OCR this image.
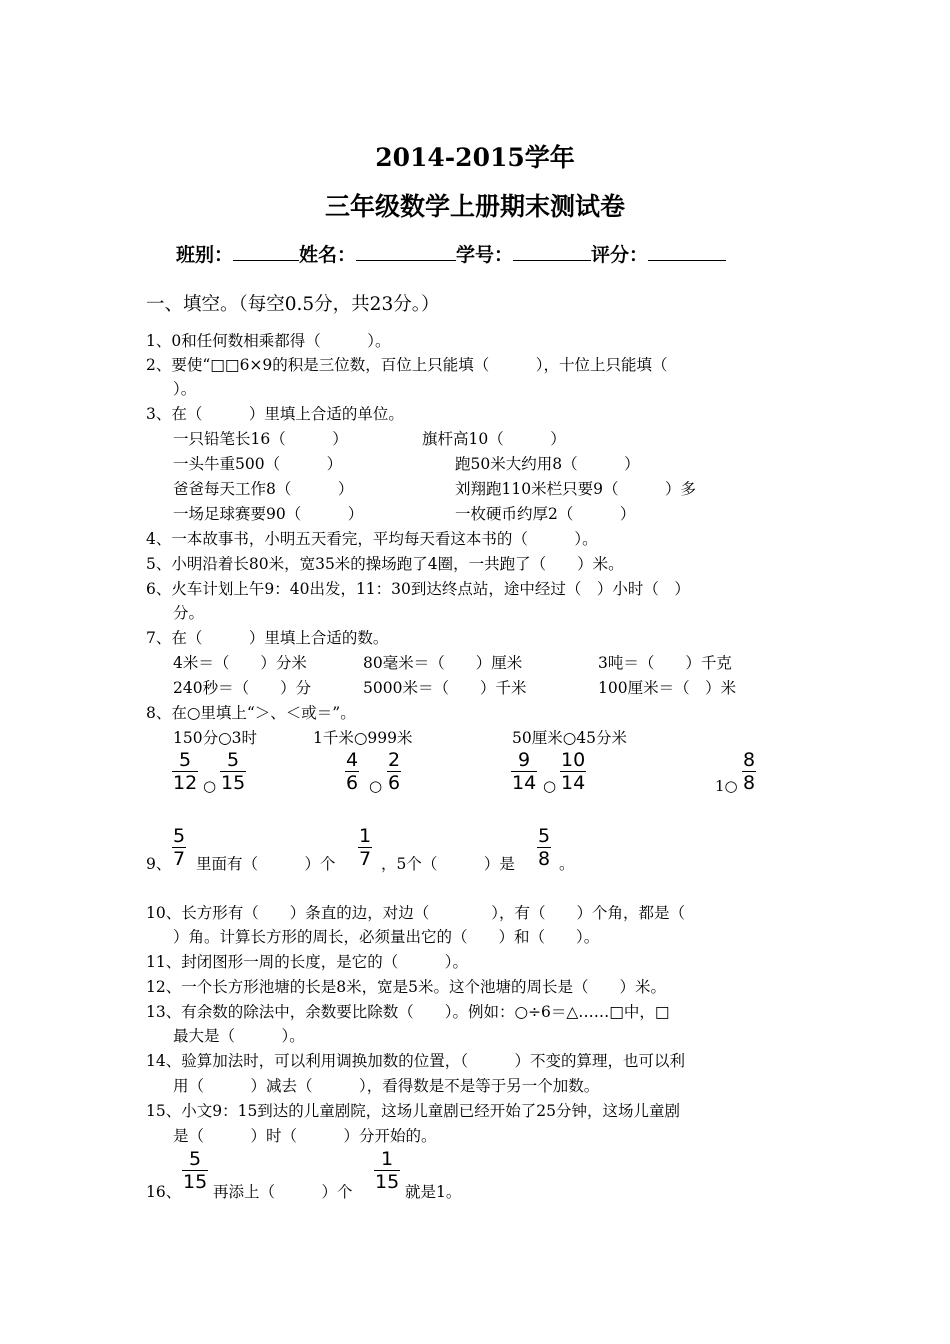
2014-2015学年
三年级数学上册期末测试卷
班别：	姓名：	学号：	评分：
一、填空。（每空0.5分，共23分。）
1、0和任何数相乘都得（　　　）。
2、要使“□□6×9的积是三位数，百位上只能填（　　　），十位上只能填（
）。
3、在（　　　）里填上合适的单位。
一只铅笔长16（　　　）	旗杆高10（　　　）
一头牛重500（　　　）	跑50米大约用8（　　　）
爸爸每天工作8（　　　）	刘翔跑110米栏只要9（　　　）多
一场足球赛要90（　　　）	一枚硬币约厚2（　　　）
4、一本故事书，小明五天看完，平均每天看这本书的（　　　）。
5、小明沿着长80米，宽35米的操场跑了4圈，一共跑了（　　）米。
6、火车计划上午9：40出发，11：30到达终点站，途中经过（　）小时（　）
分。
7、在（　　　）里填上合适的数。
4米＝（　　）分米	80毫米＝（　　）厘米	3吨＝（　　）千克
240秒＝（　　）分	5000米＝（　　）千米	100厘米＝（　）米
8、在○里填上“＞、＜或＝”。
150分○3时	1千米○999米	50厘米○45分米
$\frac{5}{12}$ ○ $\frac{5}{15}$	$\frac{4}{6}$ ○ $\frac{2}{6}$	$\frac{9}{14}$ ○ $\frac{10}{14}$	1○ $\frac{8}{8}$
9、 $\frac{5}{7}$ 里面有（　　　）个 $\frac{1}{7}$ ，5个（　　　）是 $\frac{5}{8}$ 。
10、长方形有（　　）条直的边，对边（　　　　），有（　　）个角，都是（
）角。计算长方形的周长，必须量出它的（　　）和（　　）。
11、封闭图形一周的长度，是它的（　　　）。
12、一个长方形池塘的长是8米，宽是5米。这个池塘的周长是（　　）米。
13、有余数的除法中，余数要比除数（　　）。例如：○÷6＝△……□中，□
最大是（　　　）。
14、验算加法时，可以利用调换加数的位置，（　　　）不变的算理，也可以利
用（　　　）减去（　　　），看得数是不是等于另一个加数。
15、小文9：15到达的儿童剧院，这场儿童剧已经开始了25分钟，这场儿童剧
是（　　　）时（　　　）分开始的。
16、 $\frac{5}{15}$ 再添上（　　　）个 $\frac{1}{15}$ 就是1。
